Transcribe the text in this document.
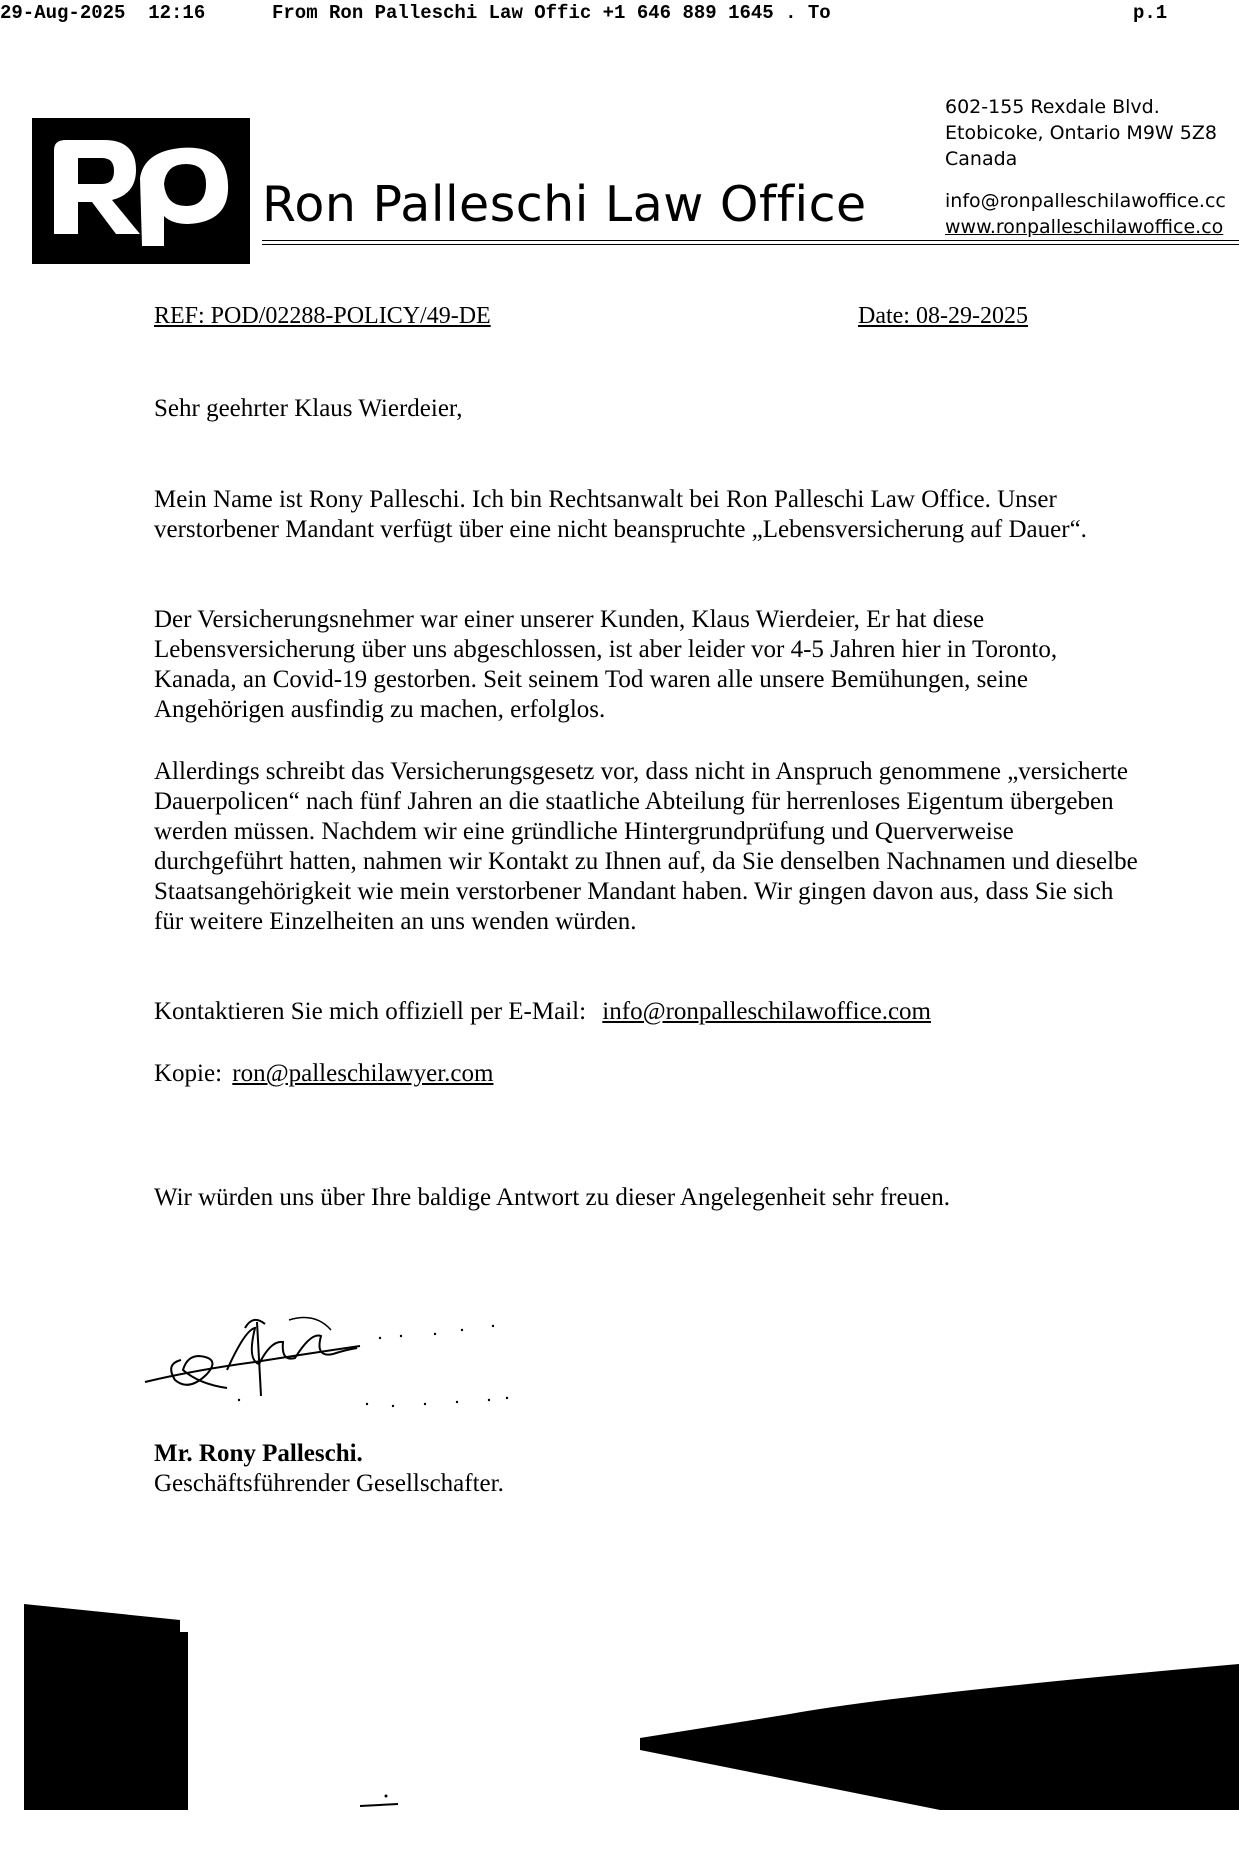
29-Aug-2025  12:16

	From Ron Palleschi Law Offic +1 646 889 1645 . To

	p.1

Ron Palleschi Law Office
602-155 Rexdale Blvd.
Etobicoke, Ontario M9W 5Z8
Canada
info@ronpalleschilawoffice.cc
www.ronpalleschilawoffice.co
REF: POD/02288-POLICY/49-DE	Date: 08-29-2025
Sehr geehrter Klaus Wierdeier,
Mein Name ist Rony Palleschi. Ich bin Rechtsanwalt bei Ron Palleschi Law Office. Unser verstorbener Mandant verfügt über eine nicht beanspruchte „Lebensversicherung auf Dauer“.
Der Versicherungsnehmer war einer unserer Kunden, Klaus Wierdeier, Er hat diese Lebensversicherung über uns abgeschlossen, ist aber leider vor 4-5 Jahren hier in Toronto, Kanada, an Covid-19 gestorben. Seit seinem Tod waren alle unsere Bemühungen, seine Angehörigen ausfindig zu machen, erfolglos.
Allerdings schreibt das Versicherungsgesetz vor, dass nicht in Anspruch genommene „versicherte Dauerpolicen“ nach fünf Jahren an die staatliche Abteilung für herrenloses Eigentum übergeben werden müssen. Nachdem wir eine gründliche Hintergrundprüfung und Querverweise durchgeführt hatten, nahmen wir Kontakt zu Ihnen auf, da Sie denselben Nachnamen und dieselbe Staatsangehörigkeit wie mein verstorbener Mandant haben. Wir gingen davon aus, dass Sie sich für weitere Einzelheiten an uns wenden würden.
Kontaktieren Sie mich offiziell per E-Mail: info@ronpalleschilawoffice.com
Kopie: ron@palleschilawyer.com
Wir würden uns über Ihre baldige Antwort zu dieser Angelegenheit sehr freuen.
Mr. Rony Palleschi.
Geschäftsführender Gesellschafter.
